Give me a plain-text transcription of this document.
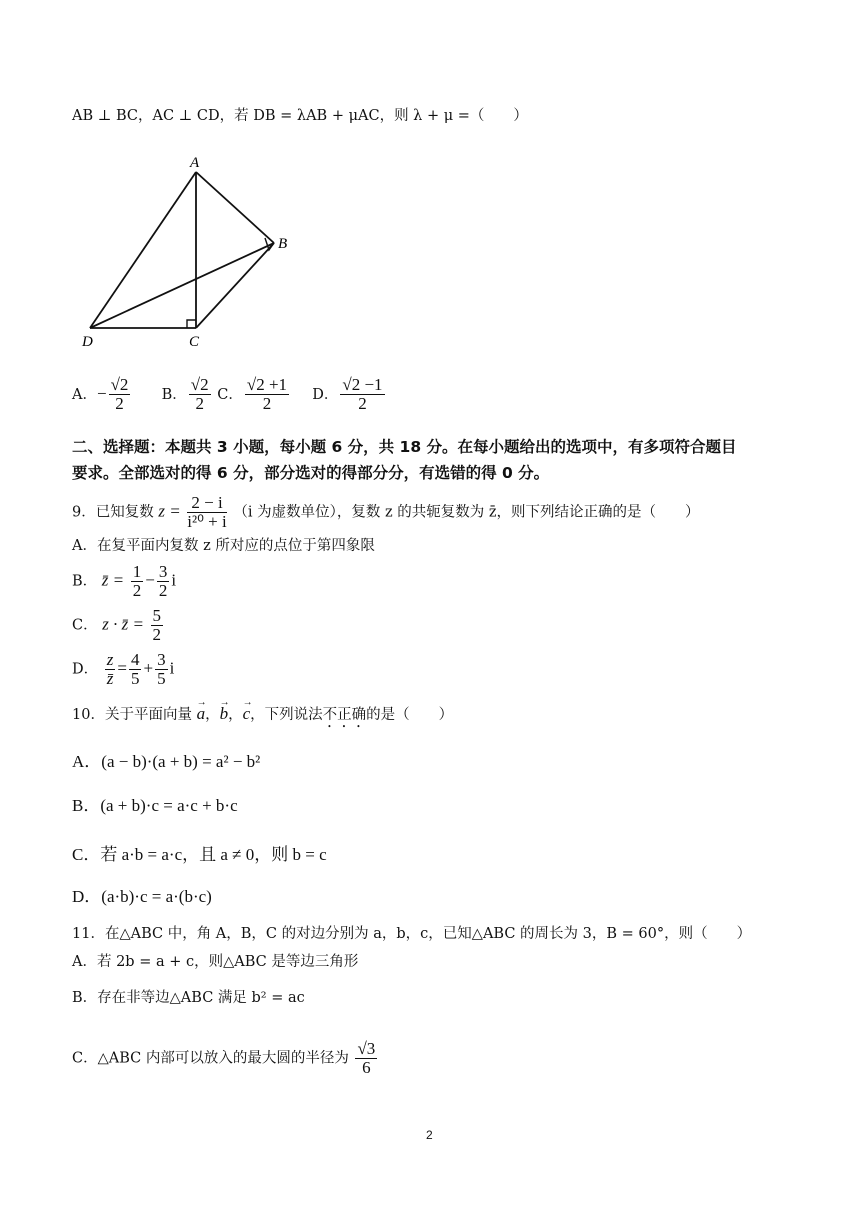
AB ⊥ BC，AC ⊥ CD，若 DB = λAB + μAC，则 λ + μ =（　　）
A
B
C
D
A．− $\frac{√2}{2}$ B． $\frac{√2}{2}$ C． $\frac{√2 +1}{2}$ D． $\frac{√2 -1}{2}$
二、选择题：本题共 3 小题，每小题 6 分，共 18 分。在每小题给出的选项中，有多项符合题目
要求。全部选对的得 6 分，部分选对的得部分分，有选错的得 0 分。
9．已知复数 $z = \frac{2 - i}{\text{i²⁰ + i}} (i$ 为虚数单位），复数 z 的共轭复数为 z̄，则下列结论正确的是（　　）
A．在复平面内复数 z 所对应的点位于第四象限
B． z̄ = $\frac{1}{2} - \frac{3}{2}$ i
C． z · z̄ = $\frac{5}{2}$
D． $\frac{z}{z̄} = \frac{4}{5} + \frac{3}{5}$ i
10．关于平面向量 → a，→ b，→ c，下列说法不正确的是（　　）
A．(a − b)·(a + b) = a² − b²
B．(a + b)·c = a·c + b·c
C．若 a·b = a·c，且 a ≠ 0，则 b = c
D．(a·b)·c = a·(b·c)
11．在△ABC 中，角 A，B，C 的对边分别为 a，b，c，已知△ABC 的周长为 3，B = 60°，则（　　）
A．若 2b = a + c，则△ABC 是等边三角形
B．存在非等边△ABC 满足 b² = ac
C．△ABC 内部可以放入的最大圆的半径为 $\frac{√3}{6}$
2
